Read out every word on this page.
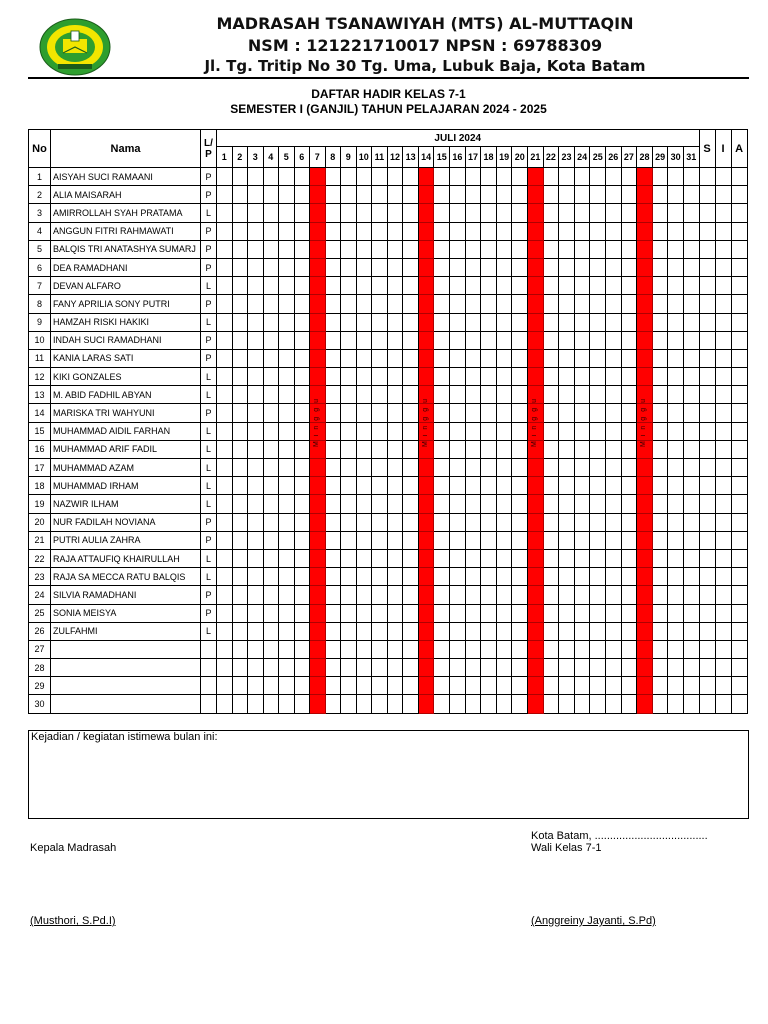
MADRASAH TSANAWIYAH (MTS) AL-MUTTAQIN
NSM : 121221710017 NPSN : 69788309
Jl. Tg. Tritip No 30 Tg. Uma, Lubuk Baja, Kota Batam
DAFTAR HADIR KELAS 7-1
SEMESTER I (GANJIL) TAHUN PELAJARAN 2024 - 2025
No	Nama	L/ P	JULI 2024																															S	I	A
			1	2	3	4	5	6	7	8	9	10	11	12	13	14	15	16	17	18	19	20	21	22	23	24	25	26	27	28	29	30	31			
1	AISYAH SUCI RAMAANI	P																																		
2	ALIA MAISARAH	P																																		
3	AMIRROLLAH SYAH PRATAMA	L																																		
4	ANGGUN FITRI RAHMAWATI	P																																		
5	BALQIS TRI ANATASHYA SUMARJ	P																																		
6	DEA RAMADHANI	P																																		
7	DEVAN ALFARO	L																																		
8	FANY APRILIA SONY PUTRI	P																																		
9	HAMZAH RISKI HAKIKI	L																																		
10	INDAH SUCI RAMADHANI	P																																		
11	KANIA LARAS SATI	P																																		
12	KIKI GONZALES	L																																		
13	M. ABID FADHIL ABYAN	L																																		
14	MARISKA TRI WAHYUNI	P																																		
15	MUHAMMAD AIDIL FARHAN	L																																		
16	MUHAMMAD ARIF FADIL	L																																		
17	MUHAMMAD AZAM	L																																		
18	MUHAMMAD IRHAM	L																																		
19	NAZWIR ILHAM	L																																		
20	NUR FADILAH NOVIANA	P																																		
21	PUTRI AULIA ZAHRA	P																																		
22	RAJA ATTAUFIQ KHAIRULLAH	L																																		
23	RAJA SA MECCA RATU BALQIS	L																																		
24	SILVIA RAMADHANI	P																																		
25	SONIA MEISYA	P																																		
26	ZULFAHMI	L																																		
27																																				
28																																				
29																																				
30																																				
Minggu	Minggu	Minggu	Minggu
Kejadian / kegiatan istimewa bulan ini:
Kota Batam, .....................................
Kepala Madrasah	Wali Kelas 7-1
(Musthori, S.Pd.I)	(Anggreiny Jayanti, S.Pd)
